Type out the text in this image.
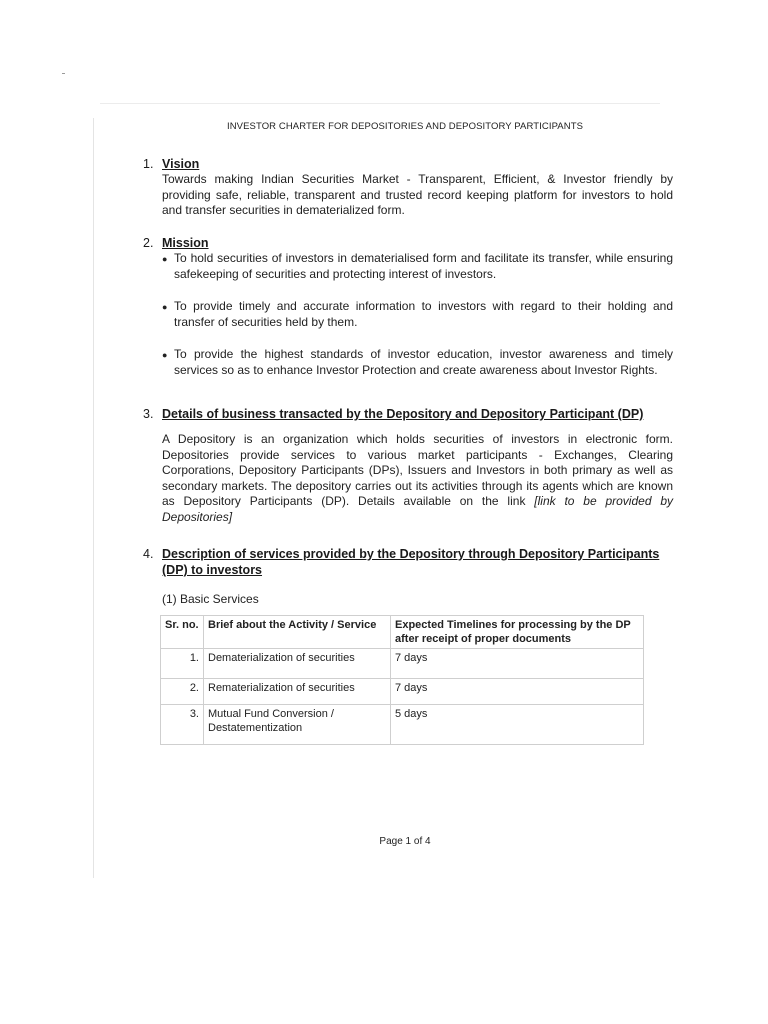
INVESTOR CHARTER FOR DEPOSITORIES AND DEPOSITORY PARTICIPANTS
1. Vision
Towards making Indian Securities Market - Transparent, Efficient, & Investor friendly by providing safe, reliable, transparent and trusted record keeping platform for investors to hold and transfer securities in dematerialized form.
2. Mission
● To hold securities of investors in dematerialised form and facilitate its transfer, while ensuring safekeeping of securities and protecting interest of investors.
● To provide timely and accurate information to investors with regard to their holding and transfer of securities held by them.
● To provide the highest standards of investor education, investor awareness and timely services so as to enhance Investor Protection and create awareness about Investor Rights.
3. Details of business transacted by the Depository and Depository Participant (DP)
A Depository is an organization which holds securities of investors in electronic form. Depositories provide services to various market participants - Exchanges, Clearing Corporations, Depository Participants (DPs), Issuers and Investors in both primary as well as secondary markets. The depository carries out its activities through its agents which are known as Depository Participants (DP). Details available on the link [link to be provided by Depositories]
4. Description of services provided by the Depository through Depository Participants (DP) to investors
(1) Basic Services
Sr. no.	Brief about the Activity / Service	Expected Timelines for processing by the DP after receipt of proper documents
1.	Dematerialization of securities	7 days
2.	Rematerialization of securities	7 days
3.	Mutual Fund Conversion / Destatementization	5 days
Page 1 of 4
